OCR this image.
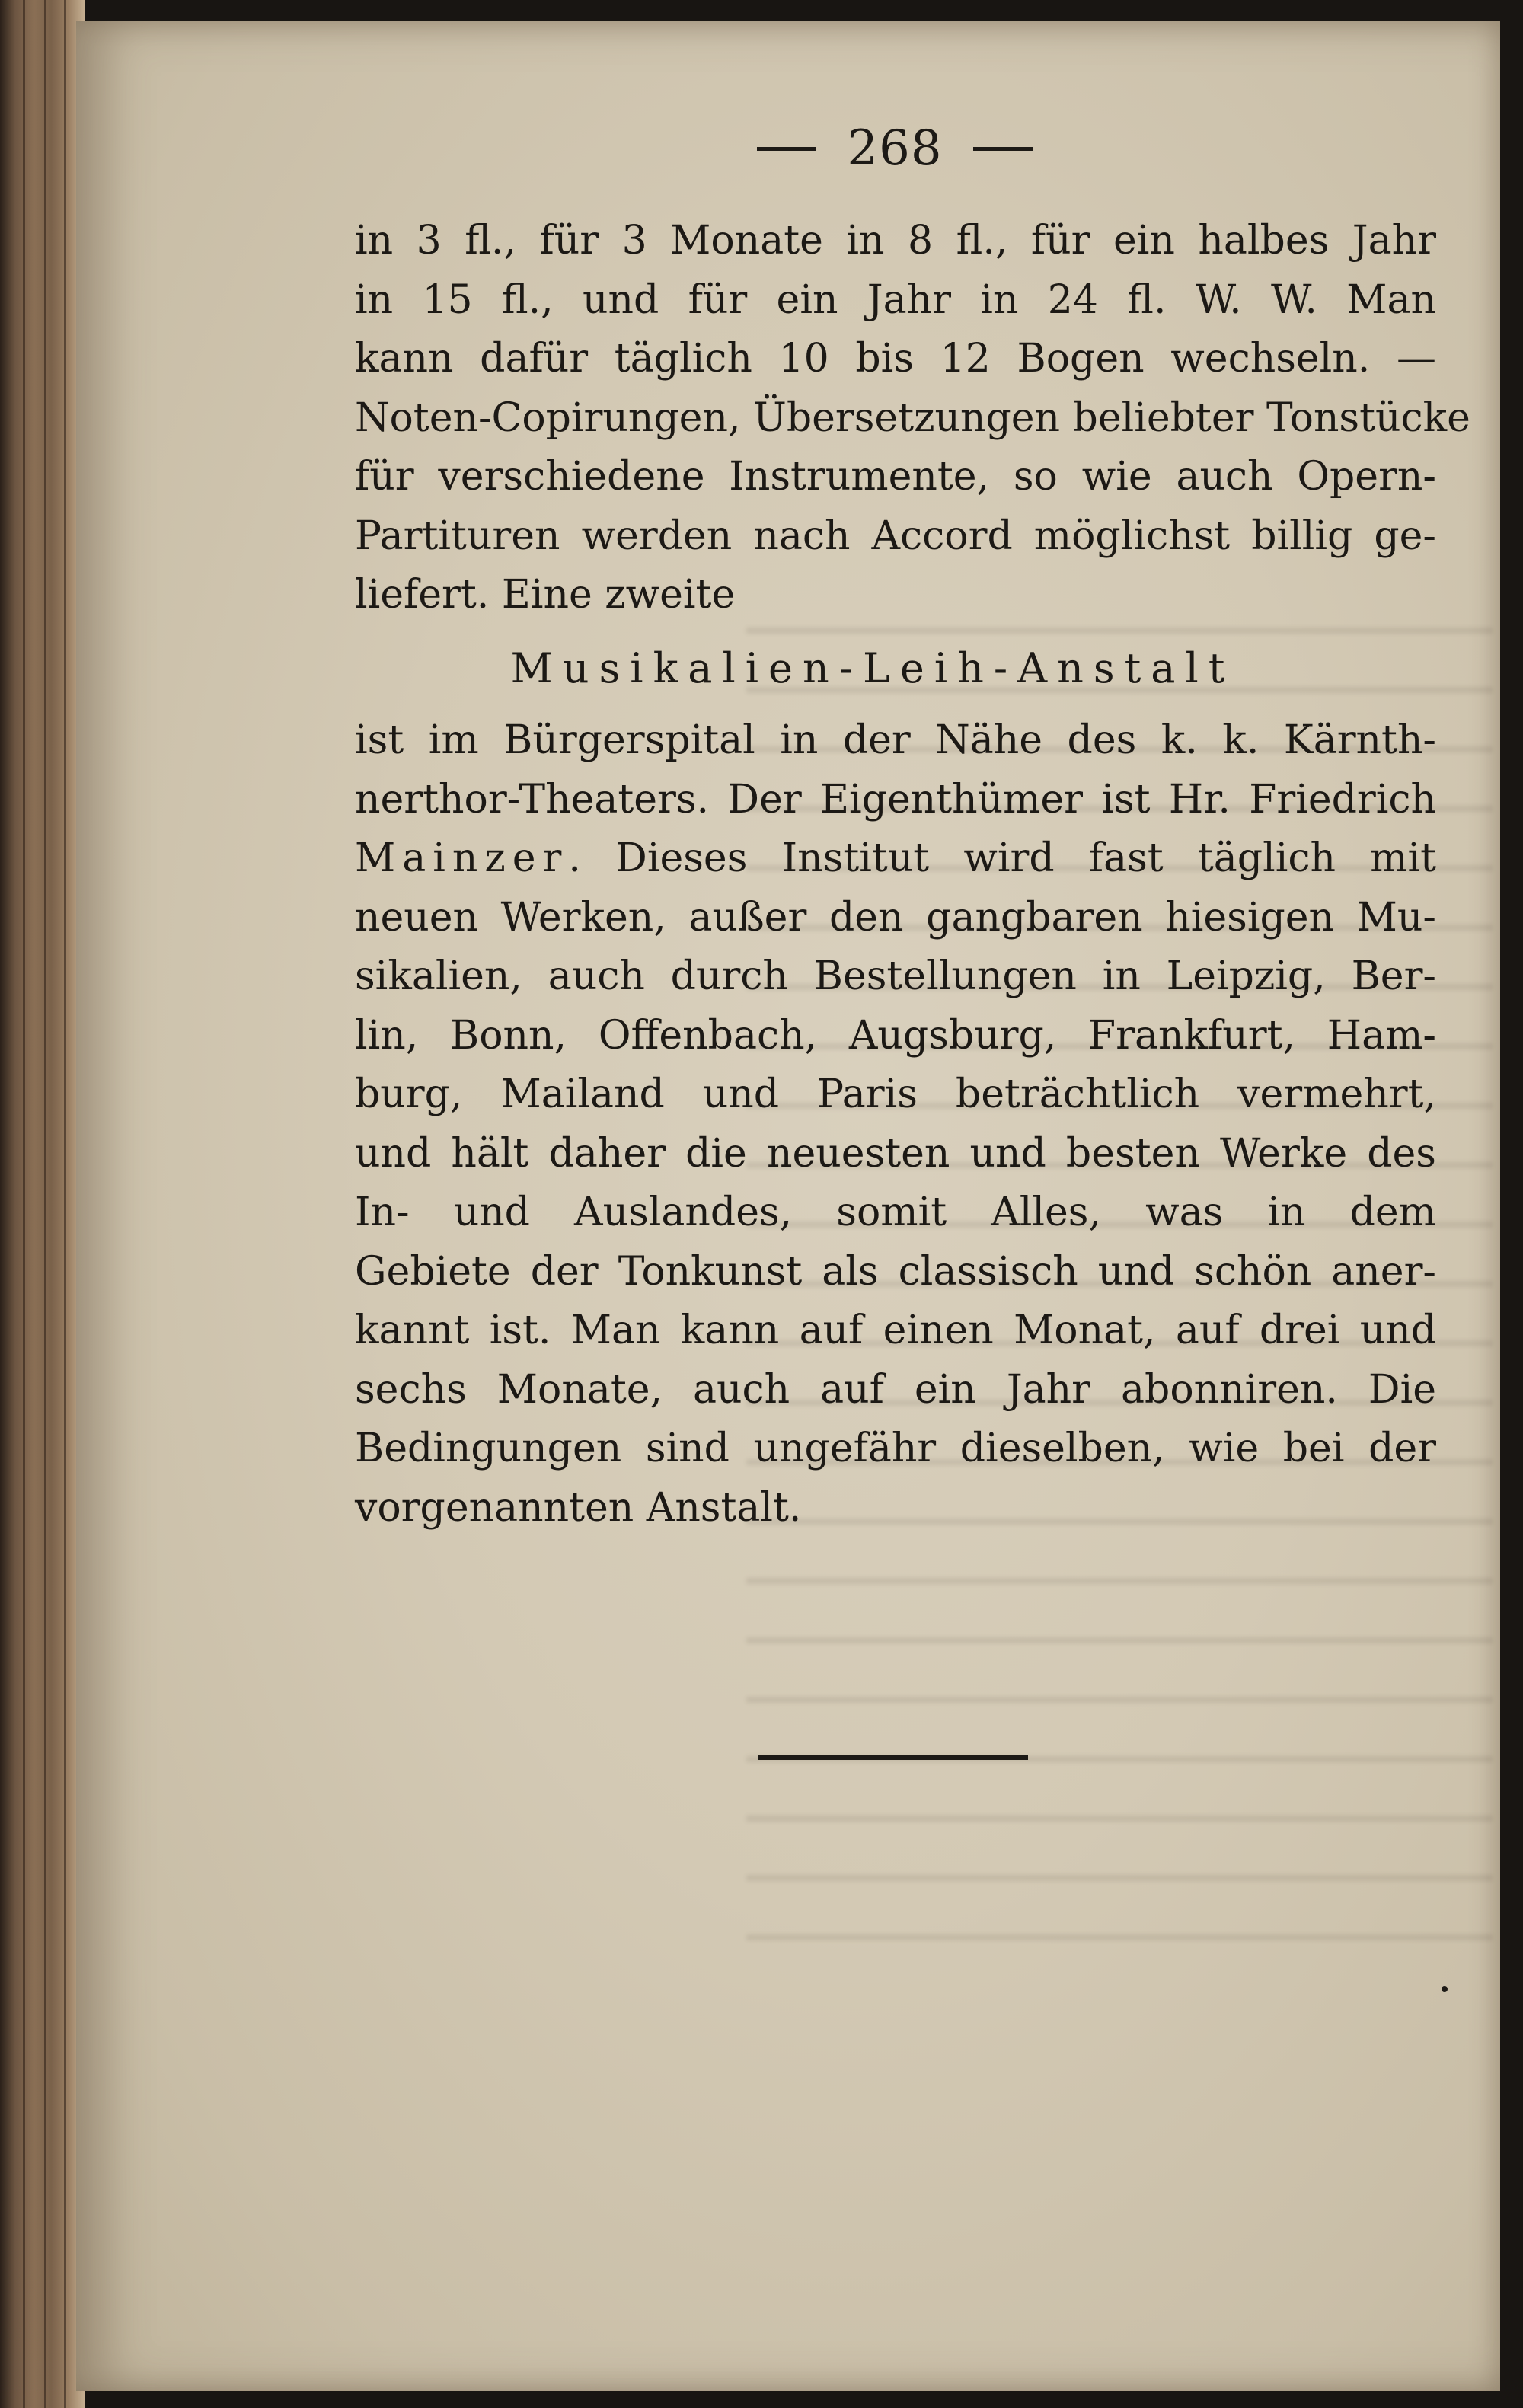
268
in 3 fl., für 3 Monate in 8 fl., für ein halbes Jahr
in 15 fl., und für ein Jahr in 24 fl. W. W. Man
kann dafür täglich 10 bis 12 Bogen wechseln. —
Noten-Copirungen, Übersetzungen beliebter Tonstücke
für verschiedene Instrumente, so wie auch Opern-
Partituren werden nach Accord möglichst billig ge-
liefert. Eine zweite
Musikalien-Leih-Anstalt
ist im Bürgerspital in der Nähe des k. k. Kärnth-
nerthor-Theaters. Der Eigenthümer ist Hr. Friedrich
Mainzer. Dieses Institut wird fast täglich mit
neuen Werken, außer den gangbaren hiesigen Mu-
sikalien, auch durch Bestellungen in Leipzig, Ber-
lin, Bonn, Offenbach, Augsburg, Frankfurt, Ham-
burg, Mailand und Paris beträchtlich vermehrt,
und hält daher die neuesten und besten Werke des
In- und Auslandes, somit Alles, was in dem
Gebiete der Tonkunst als classisch und schön aner-
kannt ist. Man kann auf einen Monat, auf drei und
sechs Monate, auch auf ein Jahr abonniren. Die
Bedingungen sind ungefähr dieselben, wie bei der
vorgenannten Anstalt.
